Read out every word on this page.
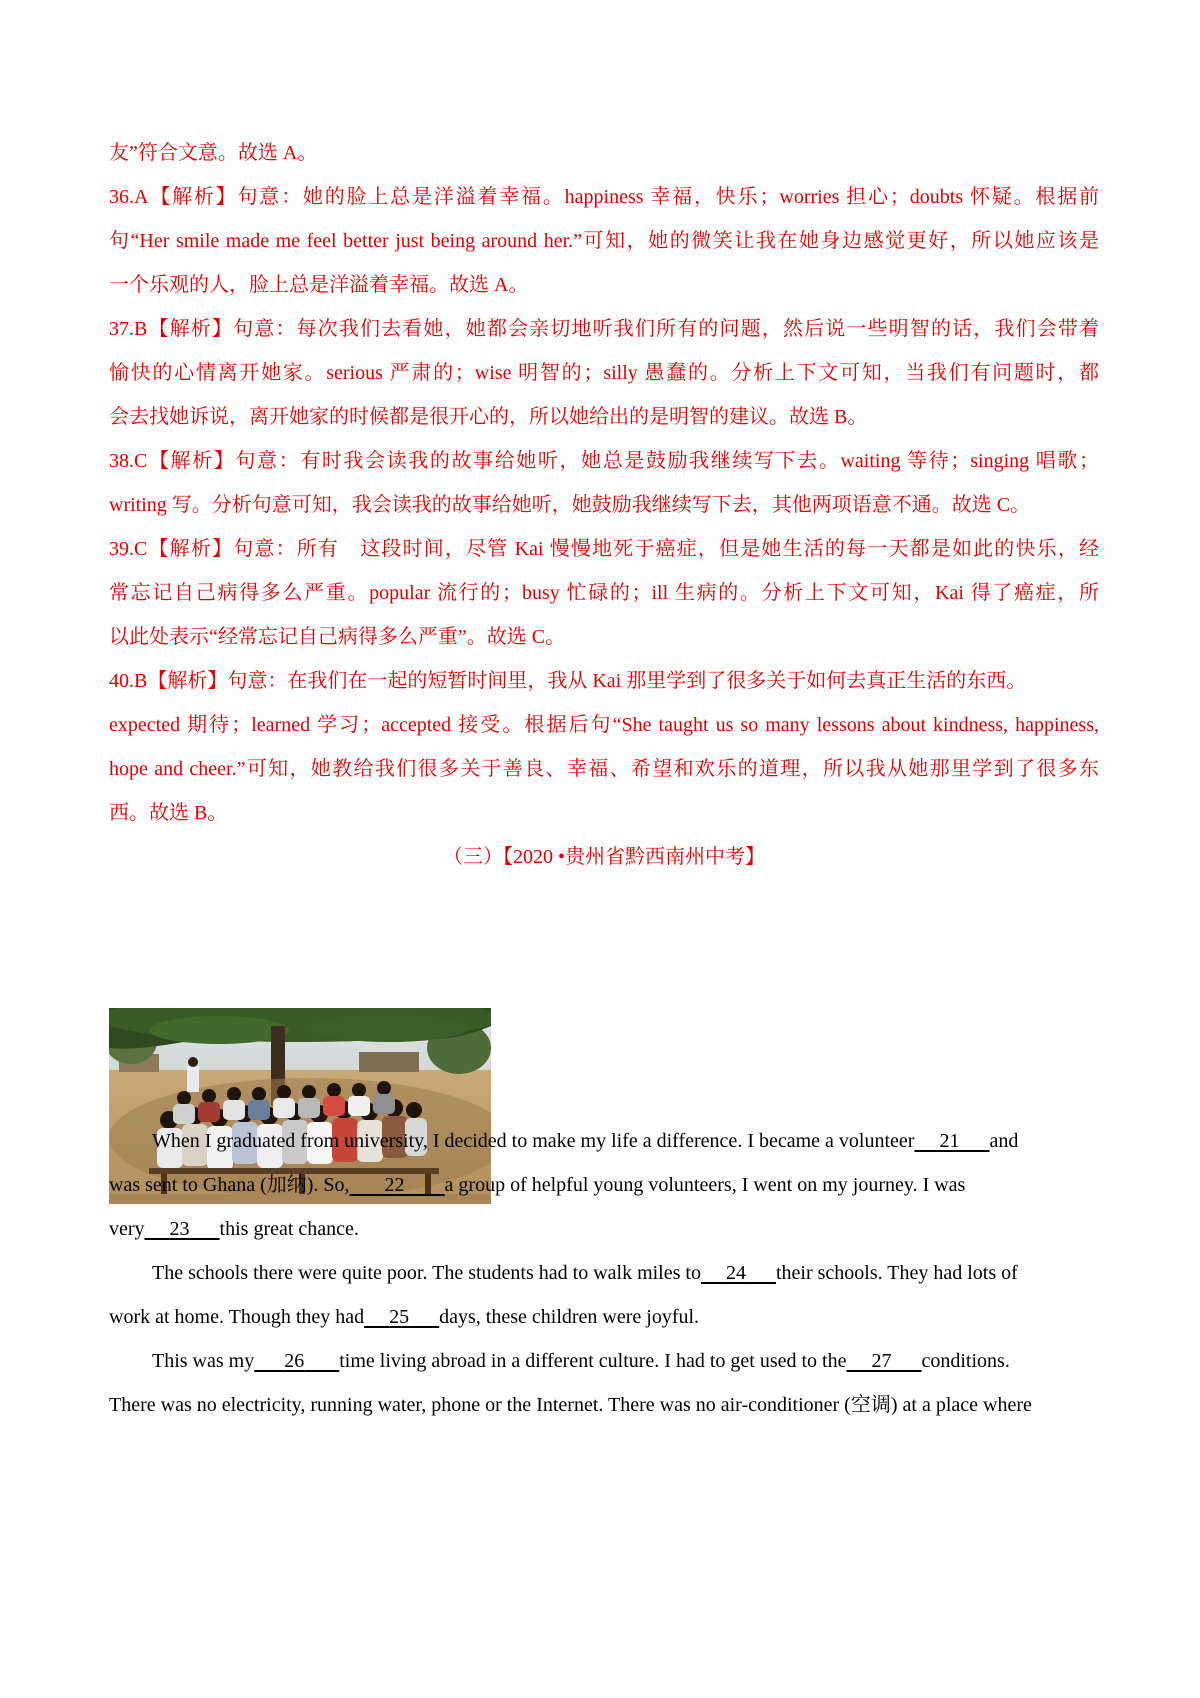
友”符合文意。故选 A。
36.A【解析】句意：她的脸上总是洋溢着幸福。happiness 幸福，快乐；worries 担心；doubts 怀疑。根据前
句“Her smile made me feel better just being around her.”可知，她的微笑让我在她身边感觉更好，所以她应该是
一个乐观的人，脸上总是洋溢着幸福。故选 A。
37.B【解析】句意：每次我们去看她，她都会亲切地听我们所有的问题，然后说一些明智的话，我们会带着
愉快的心情离开她家。serious 严肃的；wise 明智的；silly 愚蠢的。分析上下文可知，当我们有问题时，都
会去找她诉说，离开她家的时候都是很开心的，所以她给出的是明智的建议。故选 B。
38.C【解析】句意：有时我会读我的故事给她听，她总是鼓励我继续写下去。waiting 等待；singing 唱歌；
writing 写。分析句意可知，我会读我的故事给她听，她鼓励我继续写下去，其他两项语意不通。故选 C。
39.C【解析】句意：所有　这段时间，尽管 Kai 慢慢地死于癌症，但是她生活的每一天都是如此的快乐，经
常忘记自己病得多么严重。popular 流行的；busy 忙碌的；ill 生病的。分析上下文可知，Kai 得了癌症，所
以此处表示“经常忘记自己病得多么严重”。故选 C。
40.B【解析】句意：在我们在一起的短暂时间里，我从 Kai 那里学到了很多关于如何去真正生活的东西。
expected 期待；learned 学习；accepted 接受。根据后句“She taught us so many lessons about kindness, happiness,
hope and cheer.”可知，她教给我们很多关于善良、幸福、希望和欢乐的道理，所以我从她那里学到了很多东
西。故选 B。
（三）【2020 •贵州省黔西南州中考】
When I graduated from university, I decided to make my life a difference. I became a volunteer 21 and
was sent to Ghana (加纳). So, 22 a group of helpful young volunteers, I went on my journey. I was
very 23 this great chance.
The schools there were quite poor. The students had to walk miles to 24 their schools. They had lots of
work at home. Though they had 25 days, these children were joyful.
This was my 26 time living abroad in a different culture. I had to get used to the 27 conditions.
There was no electricity, running water, phone or the Internet. There was no air-conditioner (空调) at a place where
